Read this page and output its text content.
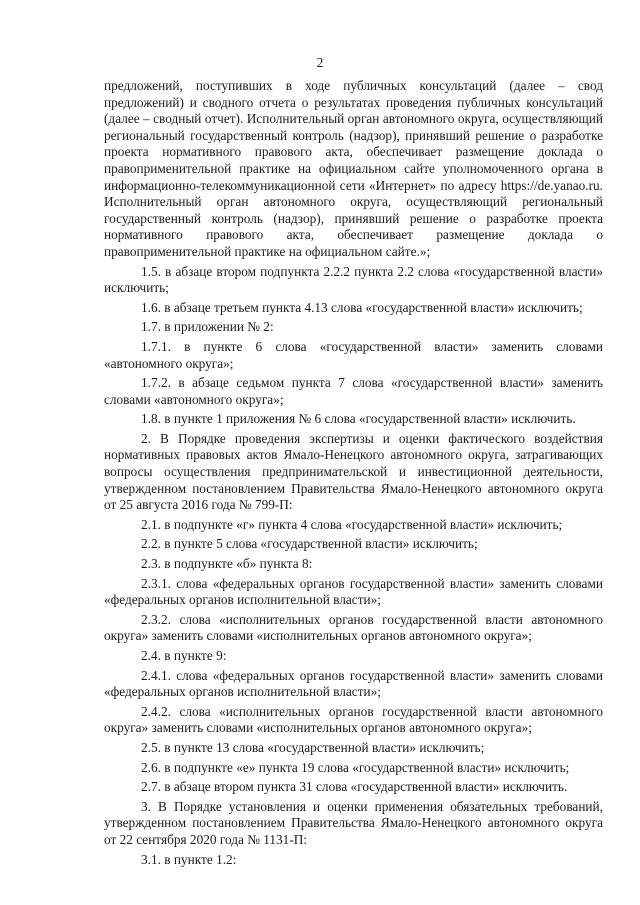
2

предложений, поступивших в ходе публичных консультаций (далее – свод предложений) и сводного отчета о результатах проведения публичных консультаций (далее – сводный отчет). Исполнительный орган автономного округа, осуществляющий региональный государственный контроль (надзор), принявший решение о разработке проекта нормативного правового акта, обеспечивает размещение доклада о правоприменительной практике на официальном сайте уполномоченного органа в информационно-телекоммуникационной сети «Интернет» по адресу https://de.yanao.ru. Исполнительный орган автономного округа, осуществляющий региональный государственный контроль (надзор), принявший решение о разработке проекта нормативного правового акта, обеспечивает размещение доклада о правоприменительной практике на официальном сайте.»;

1.5. в абзаце втором подпункта 2.2.2 пункта 2.2 слова «государственной власти» исключить;

1.6. в абзаце третьем пункта 4.13 слова «государственной власти» исключить;

1.7. в приложении № 2:

1.7.1. в пункте 6 слова «государственной власти» заменить словами «автономного округа»;

1.7.2. в абзаце седьмом пункта 7 слова «государственной власти» заменить словами «автономного округа»;

1.8. в пункте 1 приложения № 6 слова «государственной власти» исключить.

2. В Порядке проведения экспертизы и оценки фактического воздействия нормативных правовых актов Ямало-Ненецкого автономного округа, затрагивающих вопросы осуществления предпринимательской и инвестиционной деятельности, утвержденном постановлением Правительства Ямало-Ненецкого автономного округа от 25 августа 2016 года № 799-П:

2.1. в подпункте «г» пункта 4 слова «государственной власти» исключить;

2.2. в пункте 5 слова «государственной власти» исключить;

2.3. в подпункте «б» пункта 8:

2.3.1. слова «федеральных органов государственной власти» заменить словами «федеральных органов исполнительной власти»;

2.3.2. слова «исполнительных органов государственной власти автономного округа» заменить словами «исполнительных органов автономного округа»;

2.4. в пункте 9:

2.4.1. слова «федеральных органов государственной власти» заменить словами «федеральных органов исполнительной власти»;

2.4.2. слова «исполнительных органов государственной власти автономного округа» заменить словами «исполнительных органов автономного округа»;

2.5. в пункте 13 слова «государственной власти» исключить;

2.6. в подпункте «е» пункта 19 слова «государственной власти» исключить;

2.7. в абзаце втором пункта 31 слова «государственной власти» исключить.

3. В Порядке установления и оценки применения обязательных требований, утвержденном постановлением Правительства Ямало-Ненецкого автономного округа от 22 сентября 2020 года № 1131-П:

3.1. в пункте 1.2:
